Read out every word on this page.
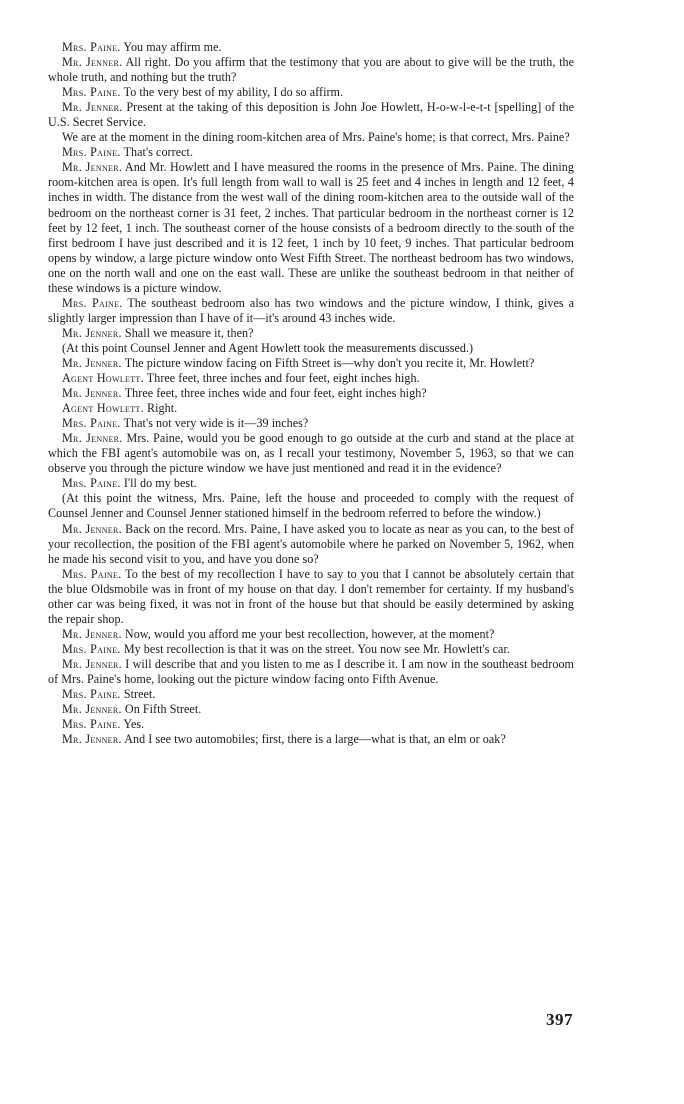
Mrs. Paine. You may affirm me.

Mr. Jenner. All right. Do you affirm that the testimony that you are about to give will be the truth, the whole truth, and nothing but the truth?

Mrs. Paine. To the very best of my ability, I do so affirm.

Mr. Jenner. Present at the taking of this deposition is John Joe Howlett, H-o-w-l-e-t-t [spelling] of the U.S. Secret Service.

We are at the moment in the dining room-kitchen area of Mrs. Paine's home; is that correct, Mrs. Paine?

Mrs. Paine. That's correct.

Mr. Jenner. And Mr. Howlett and I have measured the rooms in the presence of Mrs. Paine. The dining room-kitchen area is open. It's full length from wall to wall is 25 feet and 4 inches in length and 12 feet, 4 inches in width. The distance from the west wall of the dining room-kitchen area to the outside wall of the bedroom on the northeast corner is 31 feet, 2 inches. That particular bedroom in the northeast corner is 12 feet by 12 feet, 1 inch. The southeast corner of the house consists of a bedroom directly to the south of the first bedroom I have just described and it is 12 feet, 1 inch by 10 feet, 9 inches. That particular bedroom opens by window, a large picture window onto West Fifth Street. The northeast bedroom has two windows, one on the north wall and one on the east wall. These are unlike the southeast bedroom in that neither of these windows is a picture window.

Mrs. Paine. The southeast bedroom also has two windows and the picture window, I think, gives a slightly larger impression than I have of it—it's around 43 inches wide.

Mr. Jenner. Shall we measure it, then?

(At this point Counsel Jenner and Agent Howlett took the measurements discussed.)

Mr. Jenner. The picture window facing on Fifth Street is—why don't you recite it, Mr. Howlett?

Agent Howlett. Three feet, three inches and four feet, eight inches high.

Mr. Jenner. Three feet, three inches wide and four feet, eight inches high?

Agent Howlett. Right.

Mrs. Paine. That's not very wide is it—39 inches?

Mr. Jenner. Mrs. Paine, would you be good enough to go outside at the curb and stand at the place at which the FBI agent's automobile was on, as I recall your testimony, November 5, 1963, so that we can observe you through the picture window we have just mentioned and read it in the evidence?

Mrs. Paine. I'll do my best.

(At this point the witness, Mrs. Paine, left the house and proceeded to comply with the request of Counsel Jenner and Counsel Jenner stationed himself in the bedroom referred to before the window.)

Mr. Jenner. Back on the record. Mrs. Paine, I have asked you to locate as near as you can, to the best of your recollection, the position of the FBI agent's automobile where he parked on November 5, 1962, when he made his second visit to you, and have you done so?

Mrs. Paine. To the best of my recollection I have to say to you that I cannot be absolutely certain that the blue Oldsmobile was in front of my house on that day. I don't remember for certainty. If my husband's other car was being fixed, it was not in front of the house but that should be easily determined by asking the repair shop.

Mr. Jenner. Now, would you afford me your best recollection, however, at the moment?

Mrs. Paine. My best recollection is that it was on the street. You now see Mr. Howlett's car.

Mr. Jenner. I will describe that and you listen to me as I describe it. I am now in the southeast bedroom of Mrs. Paine's home, looking out the picture window facing onto Fifth Avenue.

Mrs. Paine. Street.

Mr. Jenner. On Fifth Street.

Mrs. Paine. Yes.

Mr. Jenner. And I see two automobiles; first, there is a large—what is that, an elm or oak?

397
